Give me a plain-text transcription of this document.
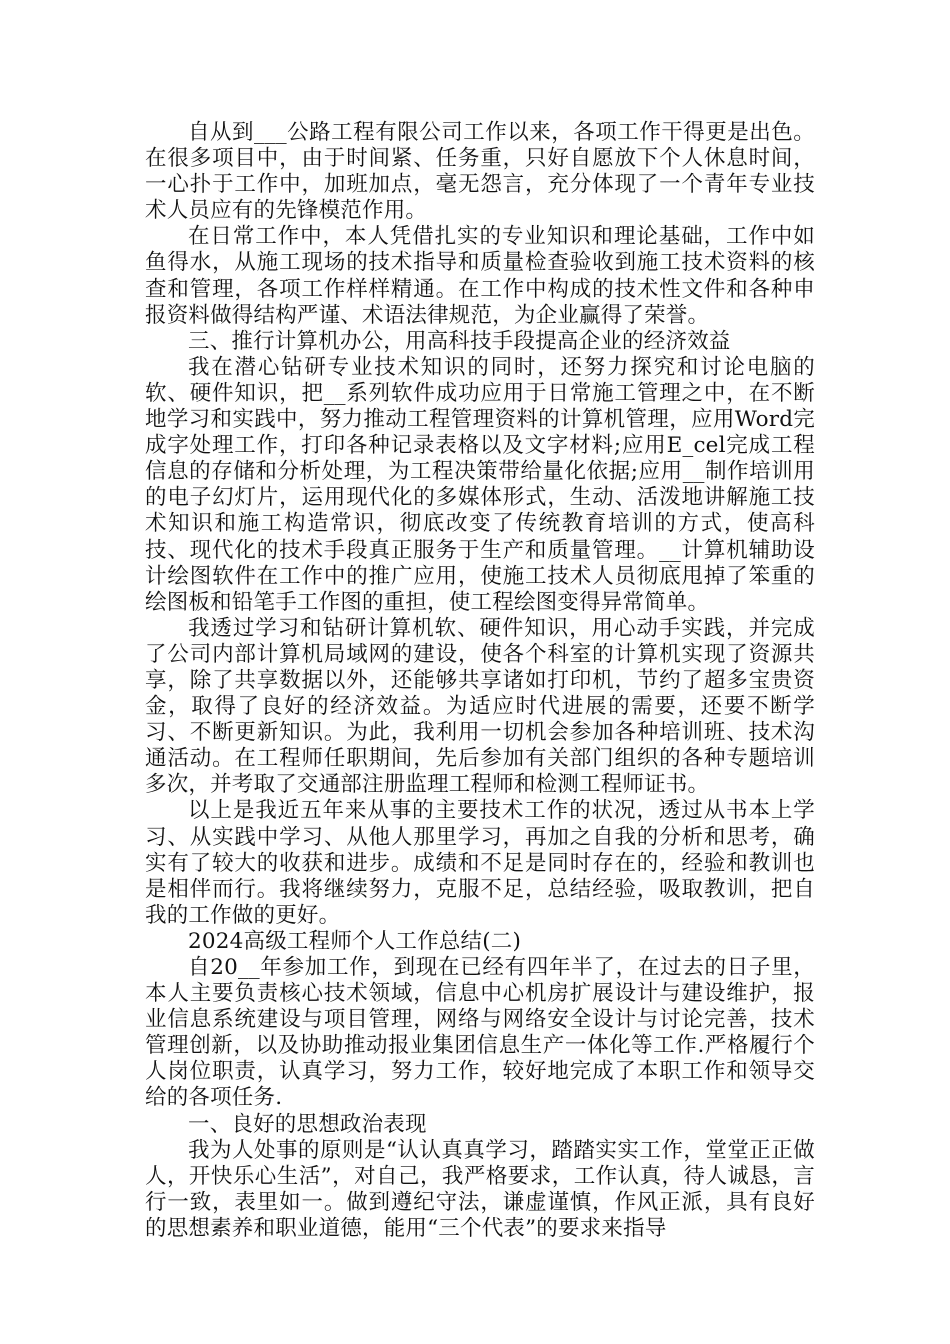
自从到___公路工程有限公司工作以来，各项工作干得更是出色。在很多项目中，由于时间紧、任务重，只好自愿放下个人休息时间，一心扑于工作中，加班加点，毫无怨言，充分体现了一个青年专业技术人员应有的先锋模范作用。

在日常工作中，本人凭借扎实的专业知识和理论基础，工作中如鱼得水，从施工现场的技术指导和质量检查验收到施工技术资料的核查和管理，各项工作样样精通。在工作中构成的技术性文件和各种申报资料做得结构严谨、术语法律规范，为企业赢得了荣誉。

三、推行计算机办公，用高科技手段提高企业的经济效益

我在潜心钻研专业技术知识的同时，还努力探究和讨论电脑的软、硬件知识，把__系列软件成功应用于日常施工管理之中，在不断地学习和实践中，努力推动工程管理资料的计算机管理，应用Word完成字处理工作，打印各种记录表格以及文字材料;应用E_cel完成工程信息的存储和分析处理，为工程决策带给量化依据;应用__制作培训用的电子幻灯片，运用现代化的多媒体形式，生动、活泼地讲解施工技术知识和施工构造常识，彻底改变了传统教育培训的方式，使高科技、现代化的技术手段真正服务于生产和质量管理。__计算机辅助设计绘图软件在工作中的推广应用，使施工技术人员彻底甩掉了笨重的绘图板和铅笔手工作图的重担，使工程绘图变得异常简单。

我透过学习和钻研计算机软、硬件知识，用心动手实践，并完成了公司内部计算机局域网的建设，使各个科室的计算机实现了资源共享，除了共享数据以外，还能够共享诸如打印机，节约了超多宝贵资金，取得了良好的经济效益。为适应时代进展的需要，还要不断学习、不断更新知识。为此，我利用一切机会参加各种培训班、技术沟通活动。在工程师任职期间，先后参加有关部门组织的各种专题培训多次，并考取了交通部注册监理工程师和检测工程师证书。

以上是我近五年来从事的主要技术工作的状况，透过从书本上学习、从实践中学习、从他人那里学习，再加之自我的分析和思考，确实有了较大的收获和进步。成绩和不足是同时存在的，经验和教训也是相伴而行。我将继续努力，克服不足，总结经验，吸取教训，把自我的工作做的更好。

2024高级工程师个人工作总结(二)

自20__年参加工作，到现在已经有四年半了，在过去的日子里，本人主要负责核心技术领域，信息中心机房扩展设计与建设维护，报业信息系统建设与项目管理，网络与网络安全设计与讨论完善，技术管理创新，以及协助推动报业集团信息生产一体化等工作.严格履行个人岗位职责，认真学习，努力工作，较好地完成了本职工作和领导交给的各项任务.

一、良好的思想政治表现

我为人处事的原则是“认认真真学习，踏踏实实工作，堂堂正正做人，开快乐心生活”，对自己，我严格要求，工作认真，待人诚恳，言行一致，表里如一。做到遵纪守法，谦虚谨慎，作风正派，具有良好的思想素养和职业道德，能用“三个代表”的要求来指导
